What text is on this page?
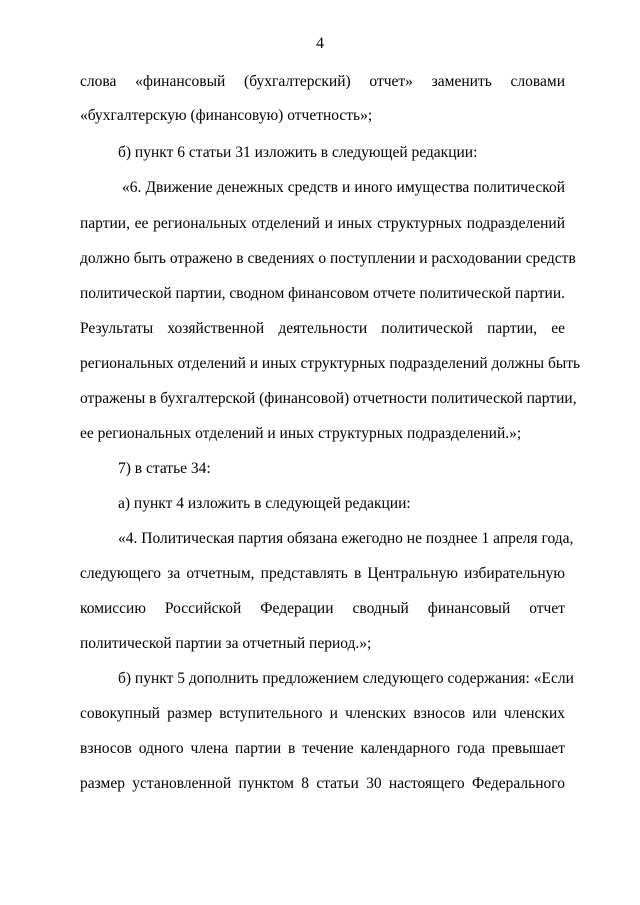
4
слова «финансовый (бухгалтерский) отчет» заменить словами
«бухгалтерскую (финансовую) отчетность»;
б) пункт 6 статьи 31 изложить в следующей редакции:
«6. Движение денежных средств и иного имущества политической
партии, ее региональных отделений и иных структурных подразделений
должно быть отражено в сведениях о поступлении и расходовании средств
политической партии, сводном финансовом отчете политической партии.
Результаты хозяйственной деятельности политической партии, ее
региональных отделений и иных структурных подразделений должны быть
отражены в бухгалтерской (финансовой) отчетности политической партии,
ее региональных отделений и иных структурных подразделений.»;
7) в статье 34:
а) пункт 4 изложить в следующей редакции:
«4. Политическая партия обязана ежегодно не позднее 1 апреля года,
следующего за отчетным, представлять в Центральную избирательную
комиссию Российской Федерации сводный финансовый отчет
политической партии за отчетный период.»;
б) пункт 5 дополнить предложением следующего содержания: «Если
совокупный размер вступительного и членских взносов или членских
взносов одного члена партии в течение календарного года превышает
размер установленной пунктом 8 статьи 30 настоящего Федерального
